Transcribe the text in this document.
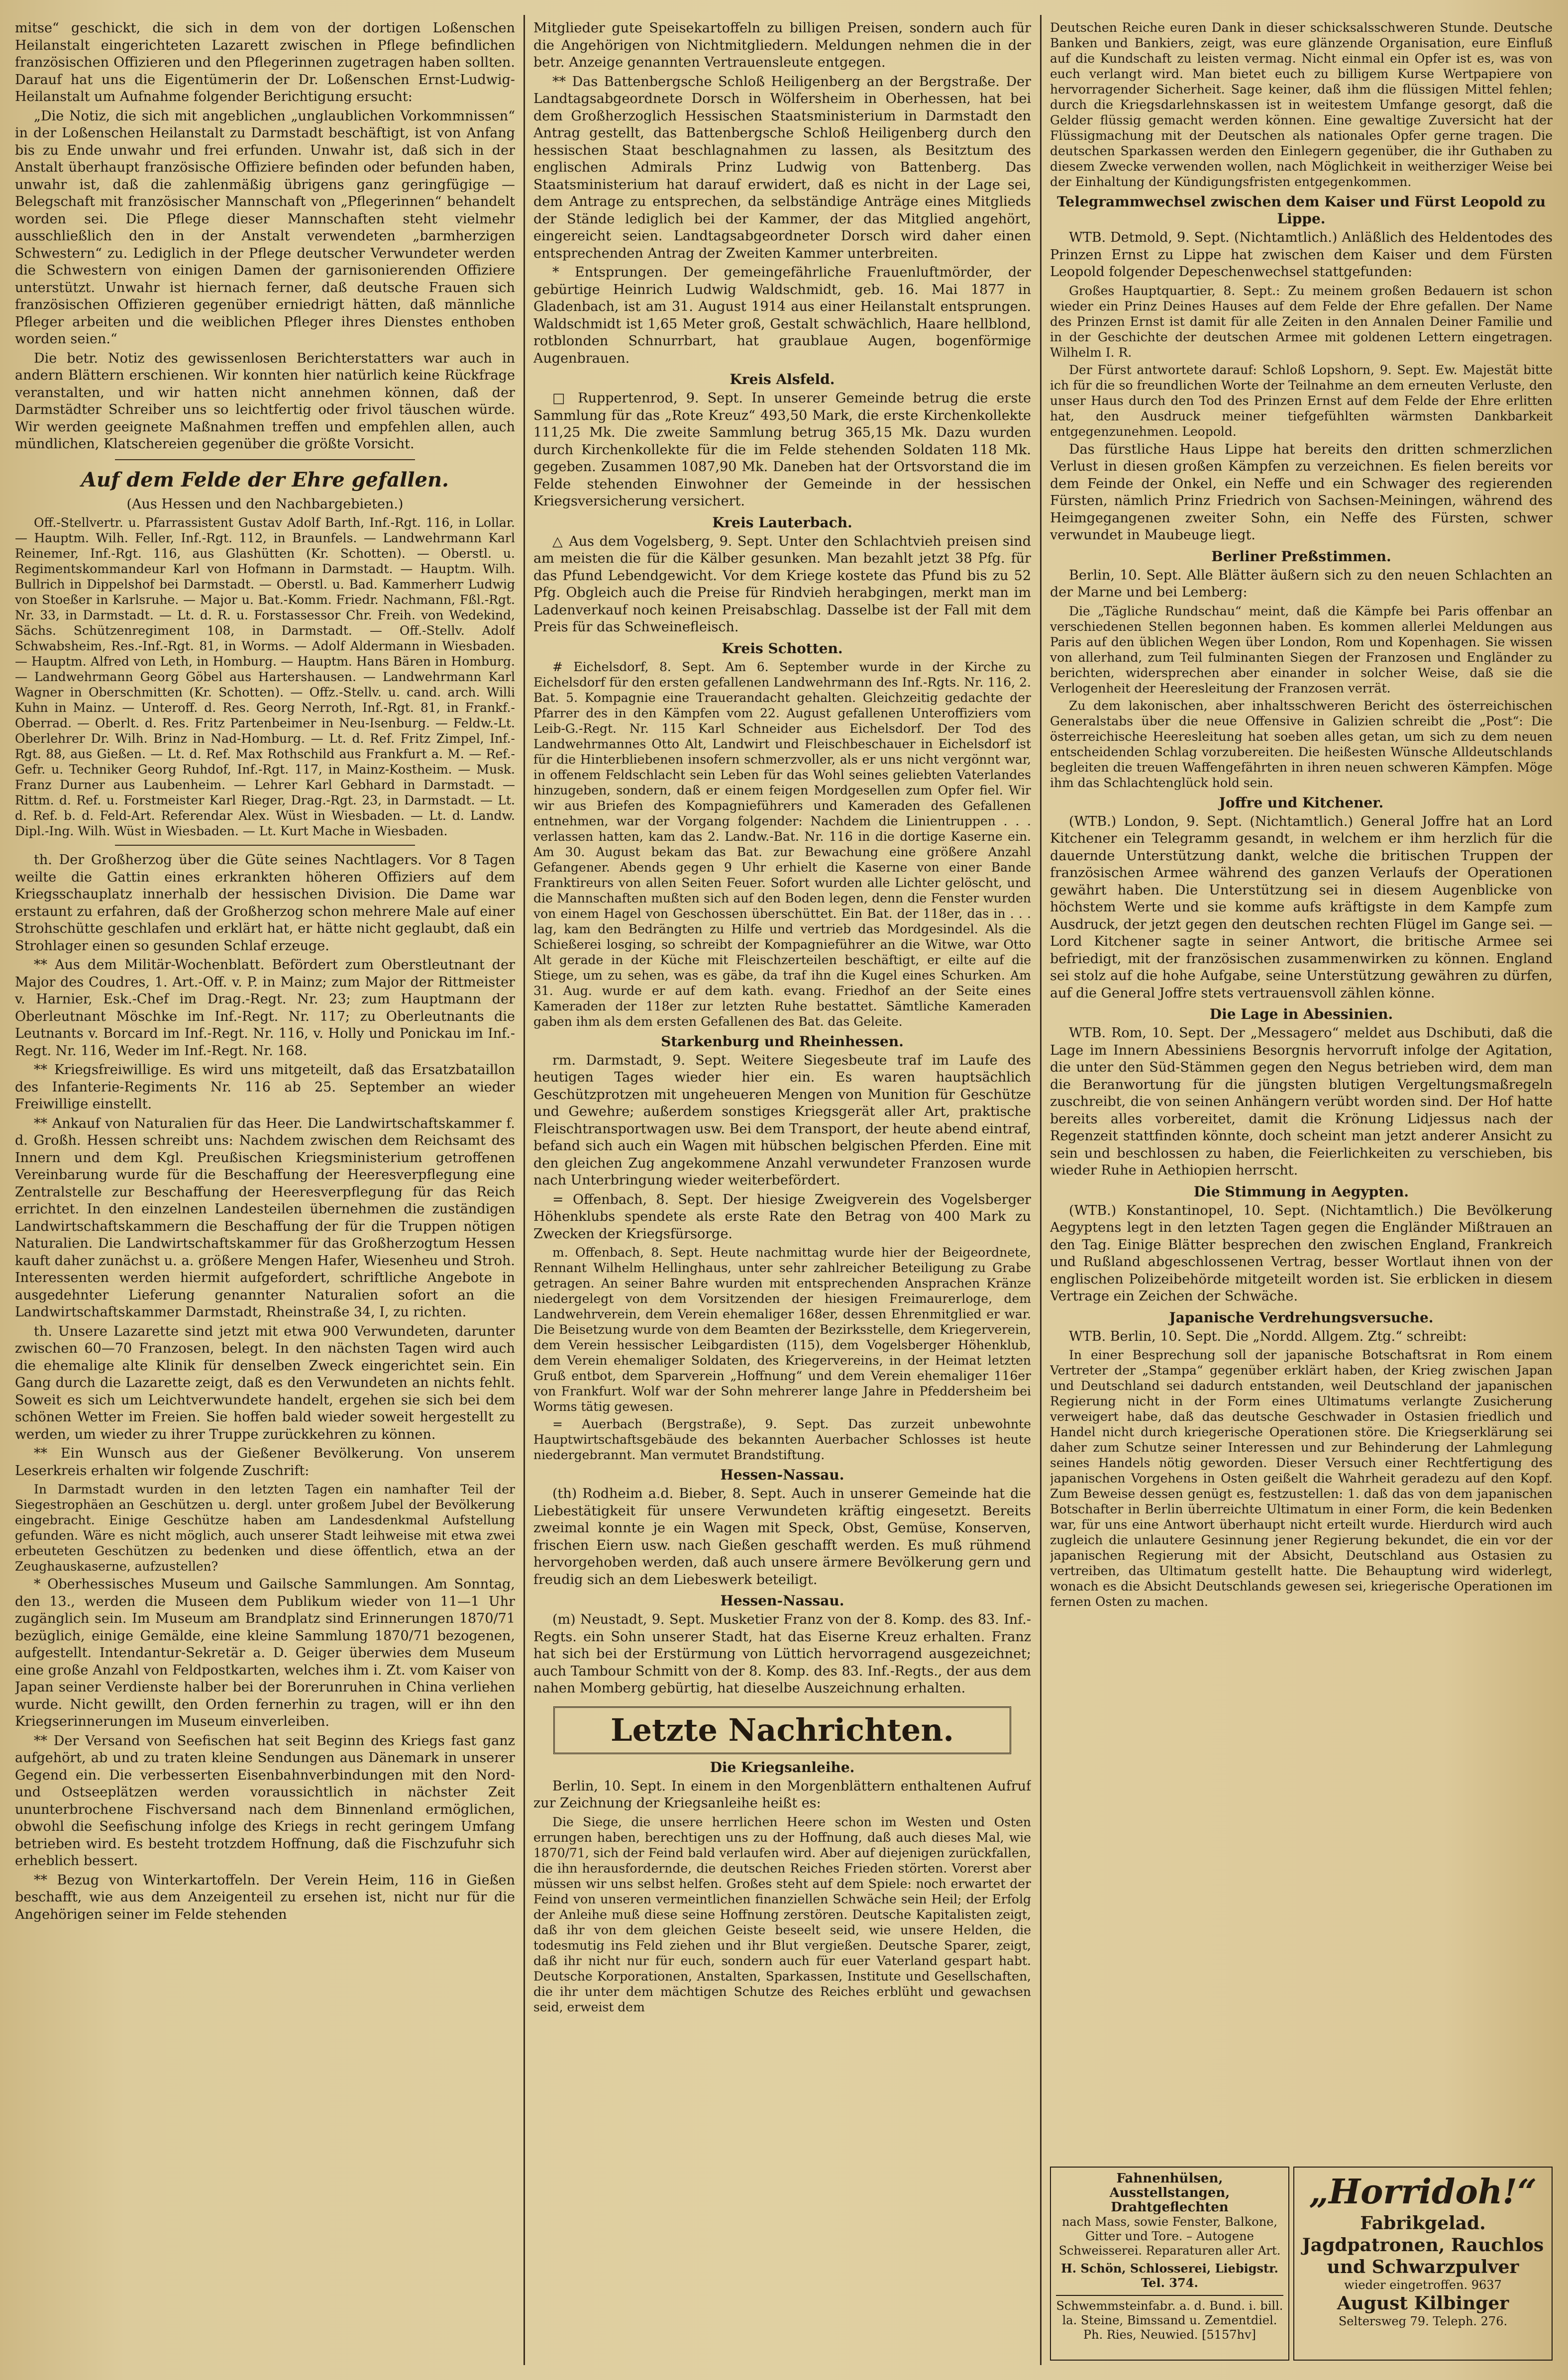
mitse“ geschickt, die sich in dem von der dortigen Loßenschen Heilanstalt eingerichteten Lazarett zwischen in Pflege befindlichen französischen Offizieren und den Pflegerinnen zugetragen haben sollten. Darauf hat uns die Eigentümerin der Dr. Loßenschen Ernst-Ludwig-Heilanstalt um Aufnahme folgender Berichtigung ersucht:

„Die Notiz, die sich mit angeblichen „unglaublichen Vorkommnissen“ in der Loßenschen Heilanstalt zu Darmstadt beschäftigt, ist von Anfang bis zu Ende unwahr und frei erfunden. Unwahr ist, daß sich in der Anstalt überhaupt französische Offiziere befinden oder befunden haben, unwahr ist, daß die zahlenmäßig übrigens ganz geringfügige — Belegschaft mit französischer Mannschaft von „Pflegerinnen“ behandelt worden sei. Die Pflege dieser Mannschaften steht vielmehr ausschließlich den in der Anstalt verwendeten „barmherzigen Schwestern“ zu. Lediglich in der Pflege deutscher Verwundeter werden die Schwestern von einigen Damen der garnisonierenden Offiziere unterstützt. Unwahr ist hiernach ferner, daß deutsche Frauen sich französischen Offizieren gegenüber erniedrigt hätten, daß männliche Pfleger arbeiten und die weiblichen Pfleger ihres Dienstes enthoben worden seien.“

Die betr. Notiz des gewissenlosen Berichterstatters war auch in andern Blättern erschienen. Wir konnten hier natürlich keine Rückfrage veranstalten, und wir hatten nicht annehmen können, daß der Darmstädter Schreiber uns so leichtfertig oder frivol täuschen würde. Wir werden geeignete Maßnahmen treffen und empfehlen allen, auch mündlichen, Klatschereien gegenüber die größte Vorsicht.

Auf dem Felde der Ehre gefallen.

(Aus Hessen und den Nachbargebieten.)

Off.-Stellvertr. u. Pfarrassistent Gustav Adolf Barth, Inf.-Rgt. 116, in Lollar. — Hauptm. Wilh. Feller, Inf.-Rgt. 112, in Braunfels. — Landwehrmann Karl Reinemer, Inf.-Rgt. 116, aus Glashütten (Kr. Schotten). — Oberstl. u. Regimentskommandeur Karl von Hofmann in Darmstadt. — Hauptm. Wilh. Bullrich in Dippelshof bei Darmstadt. — Oberstl. u. Bad. Kammerherr Ludwig von Stoeßer in Karlsruhe. — Major u. Bat.-Komm. Friedr. Nachmann, Fßl.-Rgt. Nr. 33, in Darmstadt. — Lt. d. R. u. Forstassessor Chr. Freih. von Wedekind, Sächs. Schützenregiment 108, in Darmstadt. — Off.-Stellv. Adolf Schwabsheim, Res.-Inf.-Rgt. 81, in Worms. — Adolf Aldermann in Wiesbaden. — Hauptm. Alfred von Leth, in Homburg. — Hauptm. Hans Bären in Homburg. — Landwehrmann Georg Göbel aus Hartershausen. — Landwehrmann Karl Wagner in Oberschmitten (Kr. Schotten). — Offz.-Stellv. u. cand. arch. Willi Kuhn in Mainz. — Unteroff. d. Res. Georg Nerroth, Inf.-Rgt. 81, in Frankf.-Oberrad. — Oberlt. d. Res. Fritz Partenbeimer in Neu-Isenburg. — Feldw.-Lt. Oberlehrer Dr. Wilh. Brinz in Nad-Homburg. — Lt. d. Ref. Fritz Zimpel, Inf.-Rgt. 88, aus Gießen. — Lt. d. Ref. Max Rothschild aus Frankfurt a. M. — Ref.-Gefr. u. Techniker Georg Ruhdof, Inf.-Rgt. 117, in Mainz-Kostheim. — Musk. Franz Durner aus Laubenheim. — Lehrer Karl Gebhard in Darmstadt. — Rittm. d. Ref. u. Forstmeister Karl Rieger, Drag.-Rgt. 23, in Darmstadt. — Lt. d. Ref. b. d. Feld-Art. Referendar Alex. Wüst in Wiesbaden. — Lt. d. Landw. Dipl.-Ing. Wilh. Wüst in Wiesbaden. — Lt. Kurt Mache in Wiesbaden.

th. Der Großherzog über die Güte seines Nachtlagers. Vor 8 Tagen weilte die Gattin eines erkrankten höheren Offiziers auf dem Kriegsschauplatz innerhalb der hessischen Division. Die Dame war erstaunt zu erfahren, daß der Großherzog schon mehrere Male auf einer Strohschütte geschlafen und erklärt hat, er hätte nicht geglaubt, daß ein Strohlager einen so gesunden Schlaf erzeuge.

** Aus dem Militär-Wochenblatt. Befördert zum Oberstleutnant der Major des Coudres, 1. Art.-Off. v. P. in Mainz; zum Major der Rittmeister v. Harnier, Esk.-Chef im Drag.-Regt. Nr. 23; zum Hauptmann der Oberleutnant Möschke im Inf.-Regt. Nr. 117; zu Oberleutnants die Leutnants v. Borcard im Inf.-Regt. Nr. 116, v. Holly und Ponickau im Inf.-Regt. Nr. 116, Weder im Inf.-Regt. Nr. 168.

** Kriegsfreiwillige. Es wird uns mitgeteilt, daß das Ersatzbataillon des Infanterie-Regiments Nr. 116 ab 25. September an wieder Freiwillige einstellt.

** Ankauf von Naturalien für das Heer. Die Landwirtschaftskammer f. d. Großh. Hessen schreibt uns: Nachdem zwischen dem Reichsamt des Innern und dem Kgl. Preußischen Kriegsministerium getroffenen Vereinbarung wurde für die Beschaffung der Heeresverpflegung eine Zentralstelle zur Beschaffung der Heeresverpflegung für das Reich errichtet. In den einzelnen Landesteilen übernehmen die zuständigen Landwirtschaftskammern die Beschaffung der für die Truppen nötigen Naturalien. Die Landwirtschaftskammer für das Großherzogtum Hessen kauft daher zunächst u. a. größere Mengen Hafer, Wiesenheu und Stroh. Interessenten werden hiermit aufgefordert, schriftliche Angebote in ausgedehnter Lieferung genannter Naturalien sofort an die Landwirtschaftskammer Darmstadt, Rheinstraße 34, I, zu richten.

th. Unsere Lazarette sind jetzt mit etwa 900 Verwundeten, darunter zwischen 60—70 Franzosen, belegt. In den nächsten Tagen wird auch die ehemalige alte Klinik für denselben Zweck eingerichtet sein. Ein Gang durch die Lazarette zeigt, daß es den Verwundeten an nichts fehlt. Soweit es sich um Leichtverwundete handelt, ergehen sie sich bei dem schönen Wetter im Freien. Sie hoffen bald wieder soweit hergestellt zu werden, um wieder zu ihrer Truppe zurückkehren zu können.

** Ein Wunsch aus der Gießener Bevölkerung. Von unserem Leserkreis erhalten wir folgende Zuschrift:

In Darmstadt wurden in den letzten Tagen ein namhafter Teil der Siegestrophäen an Geschützen u. dergl. unter großem Jubel der Bevölkerung eingebracht. Einige Geschütze haben am Landesdenkmal Aufstellung gefunden. Wäre es nicht möglich, auch unserer Stadt leihweise mit etwa zwei erbeuteten Geschützen zu bedenken und diese öffentlich, etwa an der Zeughauskaserne, aufzustellen?

* Oberhessisches Museum und Gailsche Sammlungen. Am Sonntag, den 13., werden die Museen dem Publikum wieder von 11—1 Uhr zugänglich sein. Im Museum am Brandplatz sind Erinnerungen 1870/71 bezüglich, einige Gemälde, eine kleine Sammlung 1870/71 bezogenen, aufgestellt. Intendantur-Sekretär a. D. Geiger überwies dem Museum eine große Anzahl von Feldpostkarten, welches ihm i. Zt. vom Kaiser von Japan seiner Verdienste halber bei der Borerunruhen in China verliehen wurde. Nicht gewillt, den Orden fernerhin zu tragen, will er ihn den Kriegserinnerungen im Museum einverleiben.

** Der Versand von Seefischen hat seit Beginn des Kriegs fast ganz aufgehört, ab und zu traten kleine Sendungen aus Dänemark in unserer Gegend ein. Die verbesserten Eisenbahnverbindungen mit den Nord- und Ostseeplätzen werden voraussichtlich in nächster Zeit ununterbrochene Fischversand nach dem Binnenland ermöglichen, obwohl die Seefischung infolge des Kriegs in recht geringem Umfang betrieben wird. Es besteht trotzdem Hoffnung, daß die Fischzufuhr sich erheblich bessert.

** Bezug von Winterkartoffeln. Der Verein Heim, 116 in Gießen beschafft, wie aus dem Anzeigenteil zu ersehen ist, nicht nur für die Angehörigen seiner im Felde stehenden

Mitglieder gute Speisekartoffeln zu billigen Preisen, sondern auch für die Angehörigen von Nichtmitgliedern. Meldungen nehmen die in der betr. Anzeige genannten Vertrauensleute entgegen.

** Das Battenbergsche Schloß Heiligenberg an der Bergstraße. Der Landtagsabgeordnete Dorsch in Wölfersheim in Oberhessen, hat bei dem Großherzoglich Hessischen Staatsministerium in Darmstadt den Antrag gestellt, das Battenbergsche Schloß Heiligenberg durch den hessischen Staat beschlagnahmen zu lassen, als Besitztum des englischen Admirals Prinz Ludwig von Battenberg. Das Staatsministerium hat darauf erwidert, daß es nicht in der Lage sei, dem Antrage zu entsprechen, da selbständige Anträge eines Mitglieds der Stände lediglich bei der Kammer, der das Mitglied angehört, eingereicht seien. Landtagsabgeordneter Dorsch wird daher einen entsprechenden Antrag der Zweiten Kammer unterbreiten.

* Entsprungen. Der gemeingefährliche Frauenluftmörder, der gebürtige Heinrich Ludwig Waldschmidt, geb. 16. Mai 1877 in Gladenbach, ist am 31. August 1914 aus einer Heilanstalt entsprungen. Waldschmidt ist 1,65 Meter groß, Gestalt schwächlich, Haare hellblond, rotblonden Schnurrbart, hat graublaue Augen, bogenförmige Augenbrauen.

Kreis Alsfeld.

□ Ruppertenrod, 9. Sept. In unserer Gemeinde betrug die erste Sammlung für das „Rote Kreuz“ 493,50 Mark, die erste Kirchenkollekte 111,25 Mk. Die zweite Sammlung betrug 365,15 Mk. Dazu wurden durch Kirchenkollekte für die im Felde stehenden Soldaten 118 Mk. gegeben. Zusammen 1087,90 Mk. Daneben hat der Ortsvorstand die im Felde stehenden Einwohner der Gemeinde in der hessischen Kriegsversicherung versichert.

Kreis Lauterbach.

△ Aus dem Vogelsberg, 9. Sept. Unter den Schlachtvieh preisen sind am meisten die für die Kälber gesunken. Man bezahlt jetzt 38 Pfg. für das Pfund Lebendgewicht. Vor dem Kriege kostete das Pfund bis zu 52 Pfg. Obgleich auch die Preise für Rindvieh herabgingen, merkt man im Ladenverkauf noch keinen Preisabschlag. Dasselbe ist der Fall mit dem Preis für das Schweinefleisch.

Kreis Schotten.

# Eichelsdorf, 8. Sept. Am 6. September wurde in der Kirche zu Eichelsdorf für den ersten gefallenen Landwehrmann des Inf.-Rgts. Nr. 116, 2. Bat. 5. Kompagnie eine Trauerandacht gehalten. Gleichzeitig gedachte der Pfarrer des in den Kämpfen vom 22. August gefallenen Unteroffiziers vom Leib-G.-Regt. Nr. 115 Karl Schneider aus Eichelsdorf. Der Tod des Landwehrmannes Otto Alt, Landwirt und Fleischbeschauer in Eichelsdorf ist für die Hinterbliebenen insofern schmerzvoller, als er uns nicht vergönnt war, in offenem Feldschlacht sein Leben für das Wohl seines geliebten Vaterlandes hinzugeben, sondern, daß er einem feigen Mordgesellen zum Opfer fiel. Wir wir aus Briefen des Kompagnieführers und Kameraden des Gefallenen entnehmen, war der Vorgang folgender: Nachdem die Linientruppen . . . verlassen hatten, kam das 2. Landw.-Bat. Nr. 116 in die dortige Kaserne ein. Am 30. August bekam das Bat. zur Bewachung eine größere Anzahl Gefangener. Abends gegen 9 Uhr erhielt die Kaserne von einer Bande Franktireurs von allen Seiten Feuer. Sofort wurden alle Lichter gelöscht, und die Mannschaften mußten sich auf den Boden legen, denn die Fenster wurden von einem Hagel von Geschossen überschüttet. Ein Bat. der 118er, das in . . . lag, kam den Bedrängten zu Hilfe und vertrieb das Mordgesindel. Als die Schießerei losging, so schreibt der Kompagnieführer an die Witwe, war Otto Alt gerade in der Küche mit Fleischzerteilen beschäftigt, er eilte auf die Stiege, um zu sehen, was es gäbe, da traf ihn die Kugel eines Schurken. Am 31. Aug. wurde er auf dem kath. evang. Friedhof an der Seite eines Kameraden der 118er zur letzten Ruhe bestattet. Sämtliche Kameraden gaben ihm als dem ersten Gefallenen des Bat. das Geleite.

Starkenburg und Rheinhessen.

rm. Darmstadt, 9. Sept. Weitere Siegesbeute traf im Laufe des heutigen Tages wieder hier ein. Es waren hauptsächlich Geschützprotzen mit ungeheueren Mengen von Munition für Geschütze und Gewehre; außerdem sonstiges Kriegsgerät aller Art, praktische Fleischtransportwagen usw. Bei dem Transport, der heute abend eintraf, befand sich auch ein Wagen mit hübschen belgischen Pferden. Eine mit den gleichen Zug angekommene Anzahl verwundeter Franzosen wurde nach Unterbringung wieder weiterbefördert.

= Offenbach, 8. Sept. Der hiesige Zweigverein des Vogelsberger Höhenklubs spendete als erste Rate den Betrag von 400 Mark zu Zwecken der Kriegsfürsorge.

m. Offenbach, 8. Sept. Heute nachmittag wurde hier der Beigeordnete, Rennant Wilhelm Hellinghaus, unter sehr zahlreicher Beteiligung zu Grabe getragen. An seiner Bahre wurden mit entsprechenden Ansprachen Kränze niedergelegt von dem Vorsitzenden der hiesigen Freimaurerloge, dem Landwehrverein, dem Verein ehemaliger 168er, dessen Ehrenmitglied er war. Die Beisetzung wurde von dem Beamten der Bezirksstelle, dem Kriegerverein, dem Verein hessischer Leibgardisten (115), dem Vogelsberger Höhenklub, dem Verein ehemaliger Soldaten, des Kriegervereins, in der Heimat letzten Gruß entbot, dem Sparverein „Hoffnung“ und dem Verein ehemaliger 116er von Frankfurt. Wolf war der Sohn mehrerer lange Jahre in Pfeddersheim bei Worms tätig gewesen.

= Auerbach (Bergstraße), 9. Sept. Das zurzeit unbewohnte Hauptwirtschaftsgebäude des bekannten Auerbacher Schlosses ist heute niedergebrannt. Man vermutet Brandstiftung.

Hessen-Nassau.

(th) Rodheim a.d. Bieber, 8. Sept. Auch in unserer Gemeinde hat die Liebestätigkeit für unsere Verwundeten kräftig eingesetzt. Bereits zweimal konnte je ein Wagen mit Speck, Obst, Gemüse, Konserven, frischen Eiern usw. nach Gießen geschafft werden. Es muß rühmend hervorgehoben werden, daß auch unsere ärmere Bevölkerung gern und freudig sich an dem Liebeswerk beteiligt.

Hessen-Nassau.

(m) Neustadt, 9. Sept. Musketier Franz von der 8. Komp. des 83. Inf.-Regts. ein Sohn unserer Stadt, hat das Eiserne Kreuz erhalten. Franz hat sich bei der Erstürmung von Lüttich hervorragend ausgezeichnet; auch Tambour Schmitt von der 8. Komp. des 83. Inf.-Regts., der aus dem nahen Momberg gebürtig, hat dieselbe Auszeichnung erhalten.

Letzte Nachrichten.
Die Kriegsanleihe.

Berlin, 10. Sept. In einem in den Morgenblättern enthaltenen Aufruf zur Zeichnung der Kriegsanleihe heißt es:

Die Siege, die unsere herrlichen Heere schon im Westen und Osten errungen haben, berechtigen uns zu der Hoffnung, daß auch dieses Mal, wie 1870/71, sich der Feind bald verlaufen wird. Aber auf diejenigen zurückfallen, die ihn herausfordernde, die deutschen Reiches Frieden störten. Vorerst aber müssen wir uns selbst helfen. Großes steht auf dem Spiele: noch erwartet der Feind von unseren vermeintlichen finanziellen Schwäche sein Heil; der Erfolg der Anleihe muß diese seine Hoffnung zerstören. Deutsche Kapitalisten zeigt, daß ihr von dem gleichen Geiste beseelt seid, wie unsere Helden, die todesmutig ins Feld ziehen und ihr Blut vergießen. Deutsche Sparer, zeigt, daß ihr nicht nur für euch, sondern auch für euer Vaterland gespart habt. Deutsche Korporationen, Anstalten, Sparkassen, Institute und Gesellschaften, die ihr unter dem mächtigen Schutze des Reiches erblüht und gewachsen seid, erweist dem

Deutschen Reiche euren Dank in dieser schicksalsschweren Stunde. Deutsche Banken und Bankiers, zeigt, was eure glänzende Organisation, eure Einfluß auf die Kundschaft zu leisten vermag. Nicht einmal ein Opfer ist es, was von euch verlangt wird. Man bietet euch zu billigem Kurse Wertpapiere von hervorragender Sicherheit. Sage keiner, daß ihm die flüssigen Mittel fehlen; durch die Kriegsdarlehnskassen ist in weitestem Umfange gesorgt, daß die Gelder flüssig gemacht werden können. Eine gewaltige Zuversicht hat der Flüssigmachung mit der Deutschen als nationales Opfer gerne tragen. Die deutschen Sparkassen werden den Einlegern gegenüber, die ihr Guthaben zu diesem Zwecke verwenden wollen, nach Möglichkeit in weitherziger Weise bei der Einhaltung der Kündigungsfristen entgegenkommen.

Telegrammwechsel zwischen dem Kaiser und Fürst Leopold zu Lippe.

WTB. Detmold, 9. Sept. (Nichtamtlich.) Anläßlich des Heldentodes des Prinzen Ernst zu Lippe hat zwischen dem Kaiser und dem Fürsten Leopold folgender Depeschenwechsel stattgefunden:

Großes Hauptquartier, 8. Sept.: Zu meinem großen Bedauern ist schon wieder ein Prinz Deines Hauses auf dem Felde der Ehre gefallen. Der Name des Prinzen Ernst ist damit für alle Zeiten in den Annalen Deiner Familie und in der Geschichte der deutschen Armee mit goldenen Lettern eingetragen. Wilhelm I. R.

Der Fürst antwortete darauf: Schloß Lopshorn, 9. Sept. Ew. Majestät bitte ich für die so freundlichen Worte der Teilnahme an dem erneuten Verluste, den unser Haus durch den Tod des Prinzen Ernst auf dem Felde der Ehre erlitten hat, den Ausdruck meiner tiefgefühlten wärmsten Dankbarkeit entgegenzunehmen. Leopold.

Das fürstliche Haus Lippe hat bereits den dritten schmerzlichen Verlust in diesen großen Kämpfen zu verzeichnen. Es fielen bereits vor dem Feinde der Onkel, ein Neffe und ein Schwager des regierenden Fürsten, nämlich Prinz Friedrich von Sachsen-Meiningen, während des Heimgegangenen zweiter Sohn, ein Neffe des Fürsten, schwer verwundet in Maubeuge liegt.

Berliner Preßstimmen.

Berlin, 10. Sept. Alle Blätter äußern sich zu den neuen Schlachten an der Marne und bei Lemberg:

Die „Tägliche Rundschau“ meint, daß die Kämpfe bei Paris offenbar an verschiedenen Stellen begonnen haben. Es kommen allerlei Meldungen aus Paris auf den üblichen Wegen über London, Rom und Kopenhagen. Sie wissen von allerhand, zum Teil fulminanten Siegen der Franzosen und Engländer zu berichten, widersprechen aber einander in solcher Weise, daß sie die Verlogenheit der Heeresleitung der Franzosen verrät.

Zu dem lakonischen, aber inhaltsschweren Bericht des österreichischen Generalstabs über die neue Offensive in Galizien schreibt die „Post“: Die österreichische Heeresleitung hat soeben alles getan, um sich zu dem neuen entscheidenden Schlag vorzubereiten. Die heißesten Wünsche Alldeutschlands begleiten die treuen Waffengefährten in ihren neuen schweren Kämpfen. Möge ihm das Schlachtenglück hold sein.

Joffre und Kitchener.

(WTB.) London, 9. Sept. (Nichtamtlich.) General Joffre hat an Lord Kitchener ein Telegramm gesandt, in welchem er ihm herzlich für die dauernde Unterstützung dankt, welche die britischen Truppen der französischen Armee während des ganzen Verlaufs der Operationen gewährt haben. Die Unterstützung sei in diesem Augenblicke von höchstem Werte und sie komme aufs kräftigste in dem Kampfe zum Ausdruck, der jetzt gegen den deutschen rechten Flügel im Gange sei. — Lord Kitchener sagte in seiner Antwort, die britische Armee sei befriedigt, mit der französischen zusammenwirken zu können. England sei stolz auf die hohe Aufgabe, seine Unterstützung gewähren zu dürfen, auf die General Joffre stets vertrauensvoll zählen könne.

Die Lage in Abessinien.

WTB. Rom, 10. Sept. Der „Messagero“ meldet aus Dschibuti, daß die Lage im Innern Abessiniens Besorgnis hervorruft infolge der Agitation, die unter den Süd-Stämmen gegen den Negus betrieben wird, dem man die Beranwortung für die jüngsten blutigen Vergeltungsmaßregeln zuschreibt, die von seinen Anhängern verübt worden sind. Der Hof hatte bereits alles vorbereitet, damit die Krönung Lidjessus nach der Regenzeit stattfinden könnte, doch scheint man jetzt anderer Ansicht zu sein und beschlossen zu haben, die Feierlichkeiten zu verschieben, bis wieder Ruhe in Aethiopien herrscht.

Die Stimmung in Aegypten.

(WTB.) Konstantinopel, 10. Sept. (Nichtamtlich.) Die Bevölkerung Aegyptens legt in den letzten Tagen gegen die Engländer Mißtrauen an den Tag. Einige Blätter besprechen den zwischen England, Frankreich und Rußland abgeschlossenen Vertrag, besser Wortlaut ihnen von der englischen Polizeibehörde mitgeteilt worden ist. Sie erblicken in diesem Vertrage ein Zeichen der Schwäche.

Japanische Verdrehungsversuche.

WTB. Berlin, 10. Sept. Die „Nordd. Allgem. Ztg.“ schreibt:

In einer Besprechung soll der japanische Botschaftsrat in Rom einem Vertreter der „Stampa“ gegenüber erklärt haben, der Krieg zwischen Japan und Deutschland sei dadurch entstanden, weil Deutschland der japanischen Regierung nicht in der Form eines Ultimatums verlangte Zusicherung verweigert habe, daß das deutsche Geschwader in Ostasien friedlich und Handel nicht durch kriegerische Operationen störe. Die Kriegserklärung sei daher zum Schutze seiner Interessen und zur Behinderung der Lahmlegung seines Handels nötig geworden. Dieser Versuch einer Rechtfertigung des japanischen Vorgehens in Osten geißelt die Wahrheit geradezu auf den Kopf. Zum Beweise dessen genügt es, festzustellen: 1. daß das von dem japanischen Botschafter in Berlin überreichte Ultimatum in einer Form, die kein Bedenken war, für uns eine Antwort überhaupt nicht erteilt wurde. Hierdurch wird auch zugleich die unlautere Gesinnung jener Regierung bekundet, die ein vor der japanischen Regierung mit der Absicht, Deutschland aus Ostasien zu vertreiben, das Ultimatum gestellt hatte. Die Behauptung wird widerlegt, wonach es die Absicht Deutschlands gewesen sei, kriegerische Operationen im fernen Osten zu machen.

Fahnenhülsen, Ausstellstangen, Drahtgeflechten
nach Mass, sowie Fenster, Balkone, Gitter und Tore. – Autogene Schweisserei. Reparaturen aller Art.
H. Schön, Schlosserei, Liebigstr. Tel. 374.
Schwemmsteinfabr. a. d. Bund. i. bill. la. Steine, Bimssand u. Zementdiel. Ph. Ries, Neuwied. [5157hv]
„Horridoh!“
Fabrikgelad. Jagdpatronen, Rauchlos und Schwarzpulver
wieder eingetroffen. 9637
August Kilbinger
Seltersweg 79. Teleph. 276.
